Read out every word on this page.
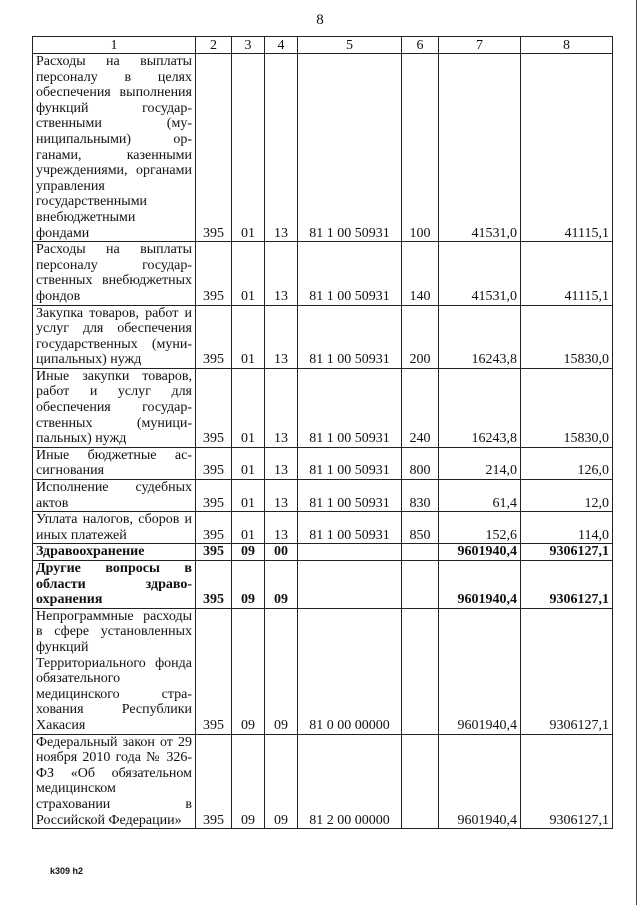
8
1	2	3	4	5	6	7	8
Расходы на выплаты персоналу в целях обеспечения выполнения функций государственными (муниципальными) органами, казенными учреждениями, органами управления государственными внебюджетными фондами	395	01	13	81 1 00 50931	100	41531,0	41115,1
Расходы на выплаты персоналу государственных внебюджетных фондов	395	01	13	81 1 00 50931	140	41531,0	41115,1
Закупка товаров, работ и услуг для обеспечения государственных (муниципальных) нужд	395	01	13	81 1 00 50931	200	16243,8	15830,0
Иные закупки товаров, работ и услуг для обеспечения государственных (муниципальных) нужд	395	01	13	81 1 00 50931	240	16243,8	15830,0
Иные бюджетные ассигнования	395	01	13	81 1 00 50931	800	214,0	126,0
Исполнение судебных актов	395	01	13	81 1 00 50931	830	61,4	12,0
Уплата налогов, сборов и иных платежей	395	01	13	81 1 00 50931	850	152,6	114,0
Здравоохранение	395	09	00			9601940,4	9306127,1
Другие вопросы в области здравоохранения	395	09	09			9601940,4	9306127,1
Непрограммные расходы в сфере установленных функций Территориального фонда обязательного медицинского страхования Республики Хакасия	395	09	09	81 0 00 00000		9601940,4	9306127,1
Федеральный закон от 29 ноября 2010 года № 326-ФЗ «Об обязательном медицинском страховании в Российской Федерации»	395	09	09	81 2 00 00000		9601940,4	9306127,1
k309 h2
